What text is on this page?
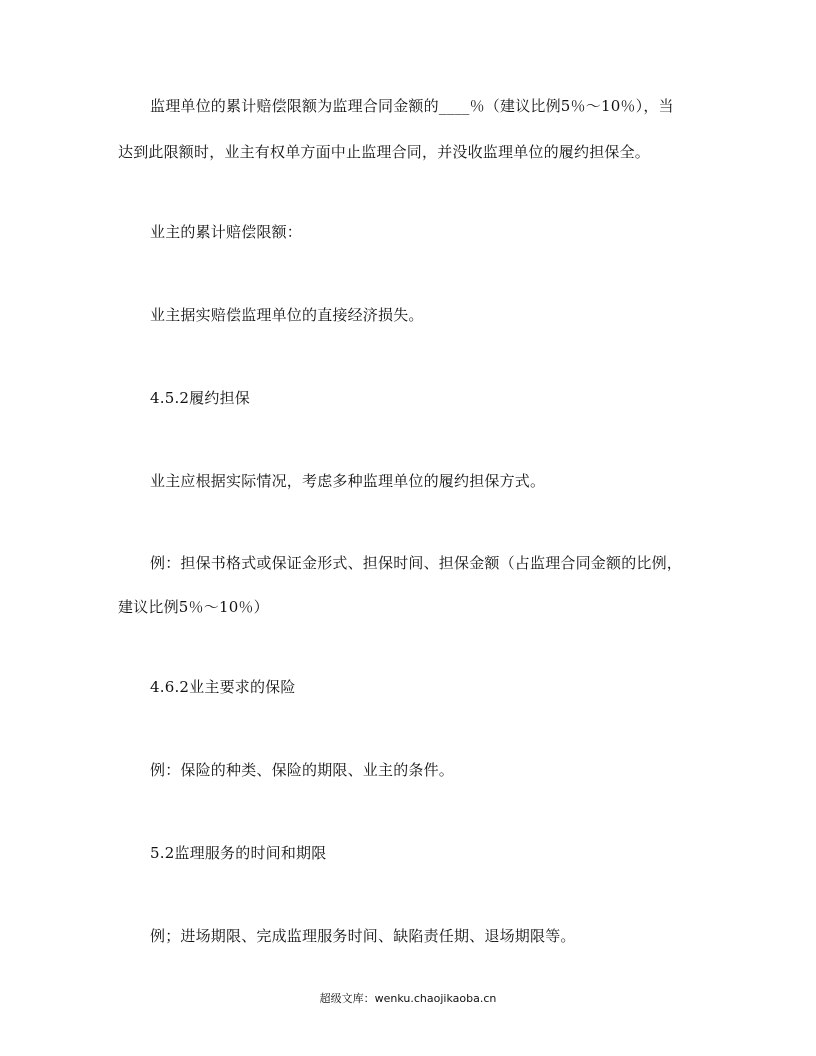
监理单位的累计赔偿限额为监理合同金额的____％（建议比例5％～10％），当
达到此限额时，业主有权单方面中止监理合同，并没收监理单位的履约担保全。
业主的累计赔偿限额：
业主据实赔偿监理单位的直接经济损失。
4.5.2履约担保
业主应根据实际情况，考虑多种监理单位的履约担保方式。
例：担保书格式或保证金形式、担保时间、担保金额（占监理合同金额的比例，
建议比例5％～10％）
4.6.2业主要求的保险
例：保险的种类、保险的期限、业主的条件。
5.2监理服务的时间和期限
例；进场期限、完成监理服务时间、缺陷责任期、退场期限等。
超级文库：wenku.chaojikaoba.cn
